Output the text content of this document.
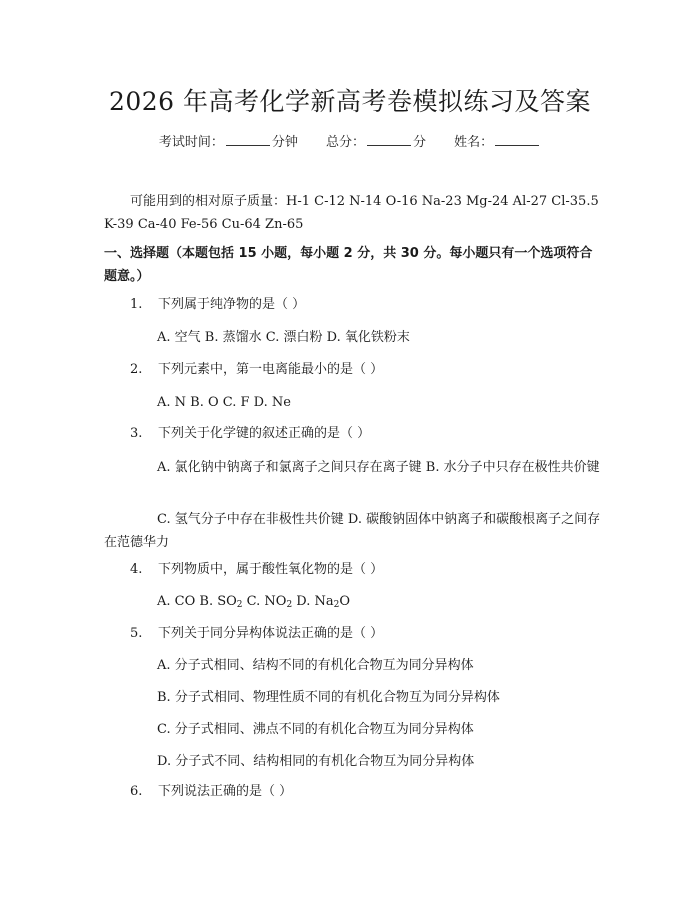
2026 年高考化学新高考卷模拟练习及答案
考试时间：	分钟 总分：	分 姓名：
可能用到的相对原子质量：H-1 C-12 N-14 O-16 Na-23 Mg-24 Al-27 Cl-35.5 K-39 Ca-40 Fe-56 Cu-64 Zn-65
一、选择题（本题包括 15 小题，每小题 2 分，共 30 分。每小题只有一个选项符合题意。）
1. 下列属于纯净物的是（ ）
A. 空气 B. 蒸馏水 C. 漂白粉 D. 氧化铁粉末
2. 下列元素中，第一电离能最小的是（ ）
A. N B. O C. F D. Ne
3. 下列关于化学键的叙述正确的是（ ）
A. 氯化钠中钠离子和氯离子之间只存在离子键 B. 水分子中只存在极性共价键
C. 氢气分子中存在非极性共价键 D. 碳酸钠固体中钠离子和碳酸根离子之间存在范德华力
4. 下列物质中，属于酸性氧化物的是（ ）
A. CO B. $SO_2$ C. $NO_2$ D. $Na_2O$
5. 下列关于同分异构体说法正确的是（ ）
A. 分子式相同、结构不同的有机化合物互为同分异构体
B. 分子式相同、物理性质不同的有机化合物互为同分异构体
C. 分子式相同、沸点不同的有机化合物互为同分异构体
D. 分子式不同、结构相同的有机化合物互为同分异构体
6. 下列说法正确的是（ ）
